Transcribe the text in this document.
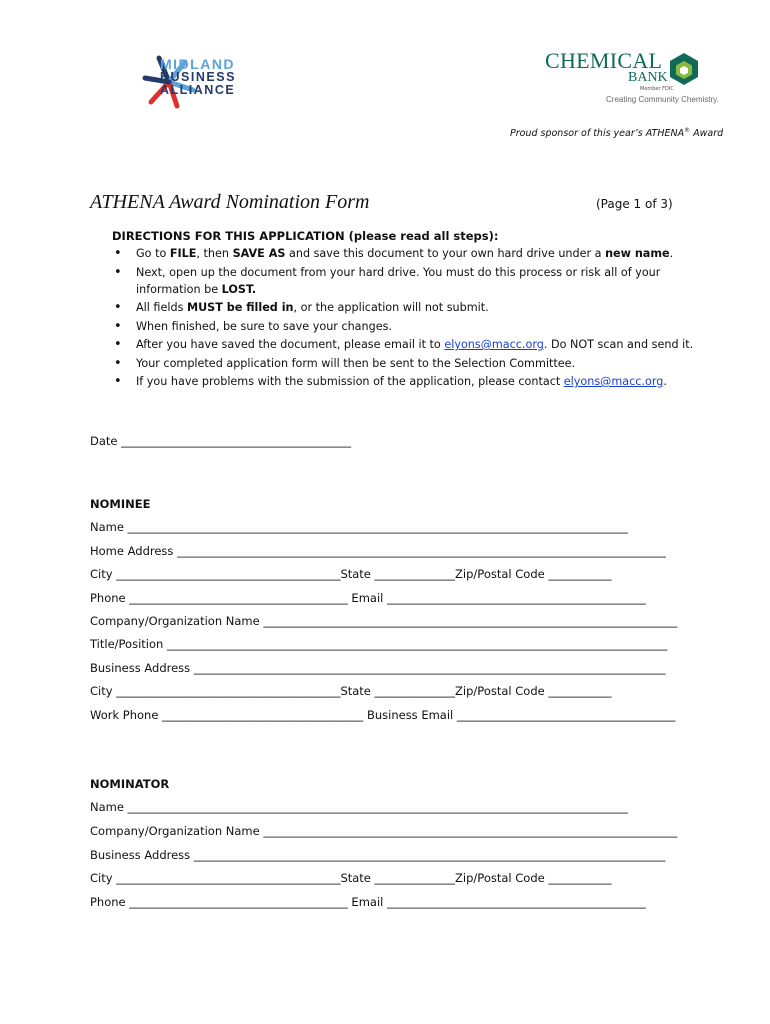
MIDLAND
BUSINESS
ALLIANCE
CHEMICAL
BANK
Member FDIC
Creating Community Chemistry.
Proud sponsor of this year’s ATHENA® Award
ATHENA Award Nomination Form	(Page 1 of 3)
DIRECTIONS FOR THIS APPLICATION (please read all steps):
• Go to FILE, then SAVE AS and save this document to your own hard drive under a new name.
• Next, open up the document from your hard drive. You must do this process or risk all of your information be LOST.
• All fields MUST be filled in, or the application will not submit.
• When finished, be sure to save your changes.
• After you have saved the document, please email it to elyons@macc.org. Do NOT scan and send it.
• Your completed application form will then be sent to the Selection Committee.
• If you have problems with the submission of the application, please contact elyons@macc.org.
Date ________________________________________
NOMINEE
Name _______________________________________________________________________________________
Home Address _____________________________________________________________________________________
City _______________________________________State ______________Zip/Postal Code ___________
Phone ______________________________________ Email _____________________________________________
Company/Organization Name ________________________________________________________________________
Title/Position _______________________________________________________________________________________
Business Address __________________________________________________________________________________
City _______________________________________State ______________Zip/Postal Code ___________
Work Phone ___________________________________ Business Email ______________________________________
NOMINATOR
Name _______________________________________________________________________________________
Company/Organization Name ________________________________________________________________________
Business Address __________________________________________________________________________________
City _______________________________________State ______________Zip/Postal Code ___________
Phone ______________________________________ Email _____________________________________________
